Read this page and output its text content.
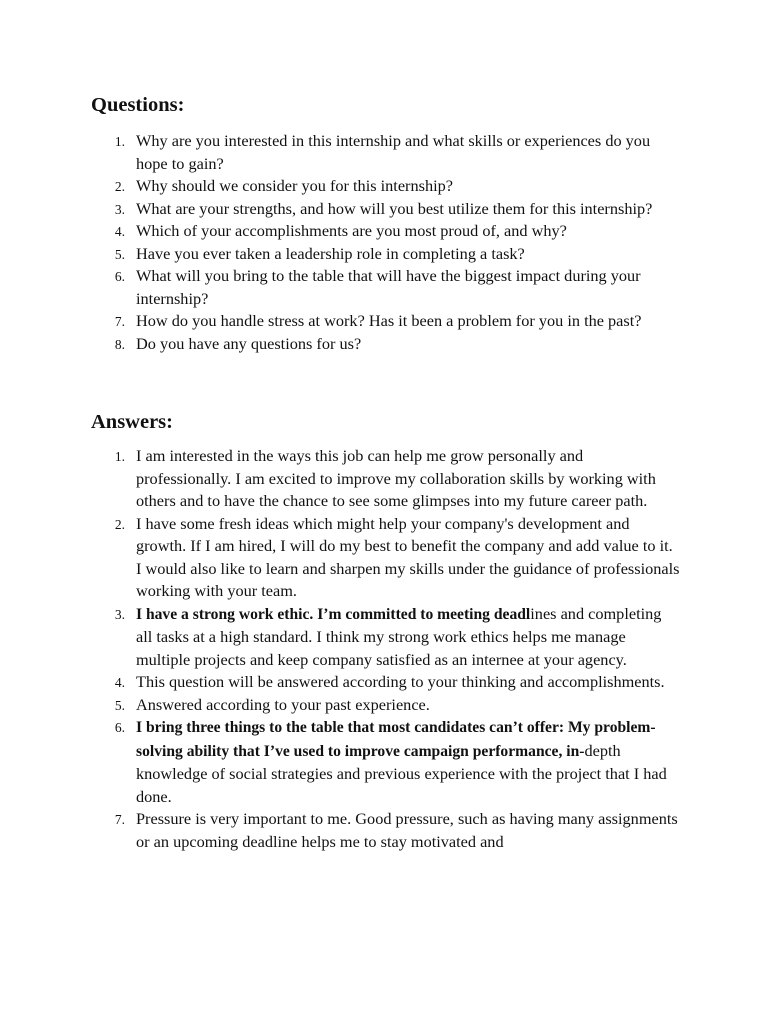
Questions:
1. Why are you interested in this internship and what skills or experiences do you hope to gain?
2. Why should we consider you for this internship?
3. What are your strengths, and how will you best utilize them for this internship?
4. Which of your accomplishments are you most proud of, and why?
5. Have you ever taken a leadership role in completing a task?
6. What will you bring to the table that will have the biggest impact during your internship?
7. How do you handle stress at work? Has it been a problem for you in the past?
8. Do you have any questions for us?
Answers:
1. I am interested in the ways this job can help me grow personally and professionally. I am excited to improve my collaboration skills by working with others and to have the chance to see some glimpses into my future career path.
2. I have some fresh ideas which might help your company's development and growth. If I am hired, I will do my best to benefit the company and add value to it. I would also like to learn and sharpen my skills under the guidance of professionals working with your team.
3. I have a strong work ethic. I’m committed to meeting deadlines and completing all tasks at a high standard. I think my strong work ethics helps me manage multiple projects and keep company satisfied as an internee at your agency.
4. This question will be answered according to your thinking and accomplishments.
5. Answered according to your past experience.
6. I bring three things to the table that most candidates can’t offer: My problem-solving ability that I’ve used to improve campaign performance, in-depth knowledge of social strategies and previous experience with the project that I had done.
7. Pressure is very important to me. Good pressure, such as having many assignments or an upcoming deadline helps me to stay motivated and
